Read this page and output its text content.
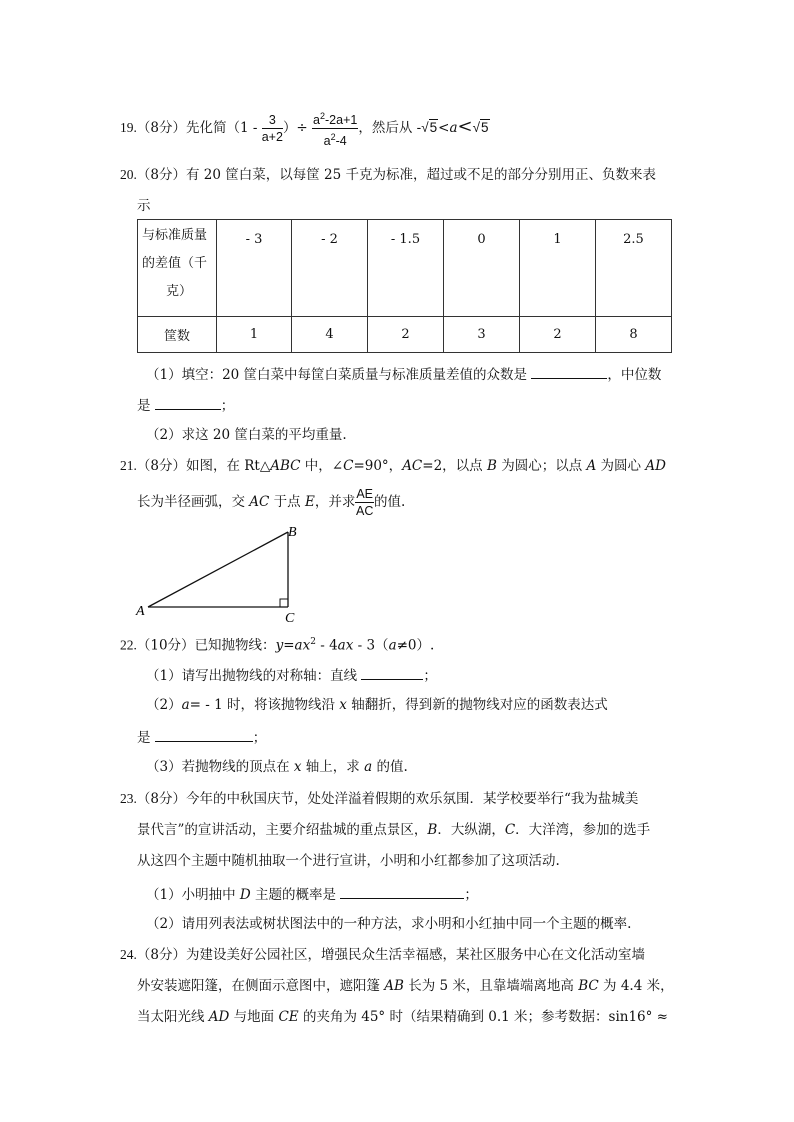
19.（8分）先化简（$1 - \frac{3}{a+2}$ ）÷ $\frac{a^2-2a+1}{a^2-4}$ ，然后从 -√5<a<√5
20.（8分）有 20 筐白菜，以每筐 25 千克为标准，超过或不足的部分分别用正、负数来表
示
与标准质量
的差值（千
克）	- 3	- 2	- 1.5	0	1	2.5
筐数	1	4	2	3	2	8
（1）填空：20 筐白菜中每筐白菜质量与标准质量差值的众数是	，中位数
是	；
（2）求这 20 筐白菜的平均重量.
21.（8分）如图，在 Rt△ABC 中，∠C=90°，AC=2，以点 B 为圆心；以点 A 为圆心 AD
长为半径画弧，交 AC 于点 E，并求 $\frac{AE}{AC}$ 的值.
A
B
C
22.（10分）已知抛物线：$y=ax^2 - 4ax - 3(a\ne 0)$.
（1）请写出抛物线的对称轴：直线	；
（2）a= - 1 时，将该抛物线沿 x 轴翻折，得到新的抛物线对应的函数表达式
是	；
（3）若抛物线的顶点在 x 轴上，求 a 的值.
23.（8分）今年的中秋国庆节，处处洋溢着假期的欢乐氛围．某学校要举行“我为盐城美
景代言”的宣讲活动，主要介绍盐城的重点景区，B．大纵湖，C．大洋湾，参加的选手
从这四个主题中随机抽取一个进行宣讲，小明和小红都参加了这项活动.
（1）小明抽中 D 主题的概率是	；
（2）请用列表法或树状图法中的一种方法，求小明和小红抽中同一个主题的概率.
24.（8分）为建设美好公园社区，增强民众生活幸福感，某社区服务中心在文化活动室墙
外安装遮阳篷，在侧面示意图中，遮阳篷 AB 长为 5 米，且靠墙端离地高 BC 为 4.4 米，
当太阳光线 AD 与地面 CE 的夹角为 45° 时（结果精确到 0.1 米；参考数据：sin16° ≈
